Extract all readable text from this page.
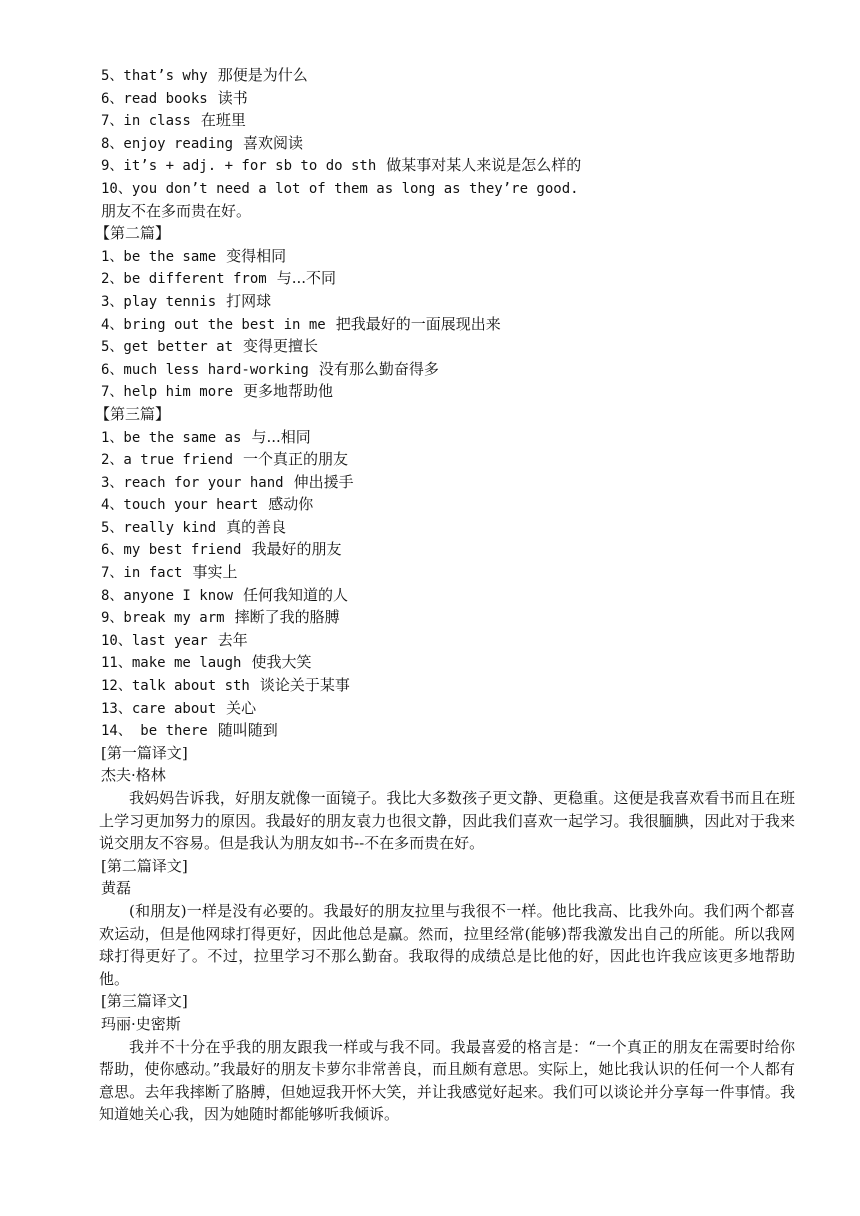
5、that’s why 那便是为什么
6、read books 读书
7、in class 在班里
8、enjoy reading 喜欢阅读
9、it’s + adj. + for sb to do sth 做某事对某人来说是怎么样的
10、you don’t need a lot of them as long as they’re good.
朋友不在多而贵在好。
【第二篇】
1、be the same 变得相同
2、be different from 与...不同
3、play tennis 打网球
4、bring out the best in me 把我最好的一面展现出来
5、get better at 变得更擅长
6、much less hard-working 没有那么勤奋得多
7、help him more 更多地帮助他
【第三篇】
1、be the same as 与...相同
2、a true friend 一个真正的朋友
3、reach for your hand 伸出援手
4、touch your heart 感动你
5、really kind 真的善良
6、my best friend 我最好的朋友
7、in fact 事实上
8、anyone I know 任何我知道的人
9、break my arm 摔断了我的胳膊
10、last year 去年
11、make me laugh 使我大笑
12、talk about sth 谈论关于某事
13、care about 关心
14、 be there 随叫随到
[第一篇译文]
杰夫·格林

我妈妈告诉我，好朋友就像一面镜子。我比大多数孩子更文静、更稳重。这便是我喜欢看书而且在班上学习更加努力的原因。我最好的朋友袁力也很文静，因此我们喜欢一起学习。我很腼腆，因此对于我来说交朋友不容易。但是我认为朋友如书--不在多而贵在好。

[第二篇译文]
黄磊

(和朋友)一样是没有必要的。我最好的朋友拉里与我很不一样。他比我高、比我外向。我们两个都喜欢运动，但是他网球打得更好，因此他总是赢。然而，拉里经常(能够)帮我激发出自己的所能。所以我网球打得更好了。不过，拉里学习不那么勤奋。我取得的成绩总是比他的好，因此也许我应该更多地帮助他。

[第三篇译文]
玛丽·史密斯

我并不十分在乎我的朋友跟我一样或与我不同。我最喜爱的格言是：“一个真正的朋友在需要时给你帮助，使你感动。”我最好的朋友卡萝尔非常善良，而且颇有意思。实际上，她比我认识的任何一个人都有意思。去年我摔断了胳膊，但她逗我开怀大笑，并让我感觉好起来。我们可以谈论并分享每一件事情。我知道她关心我，因为她随时都能够听我倾诉。
